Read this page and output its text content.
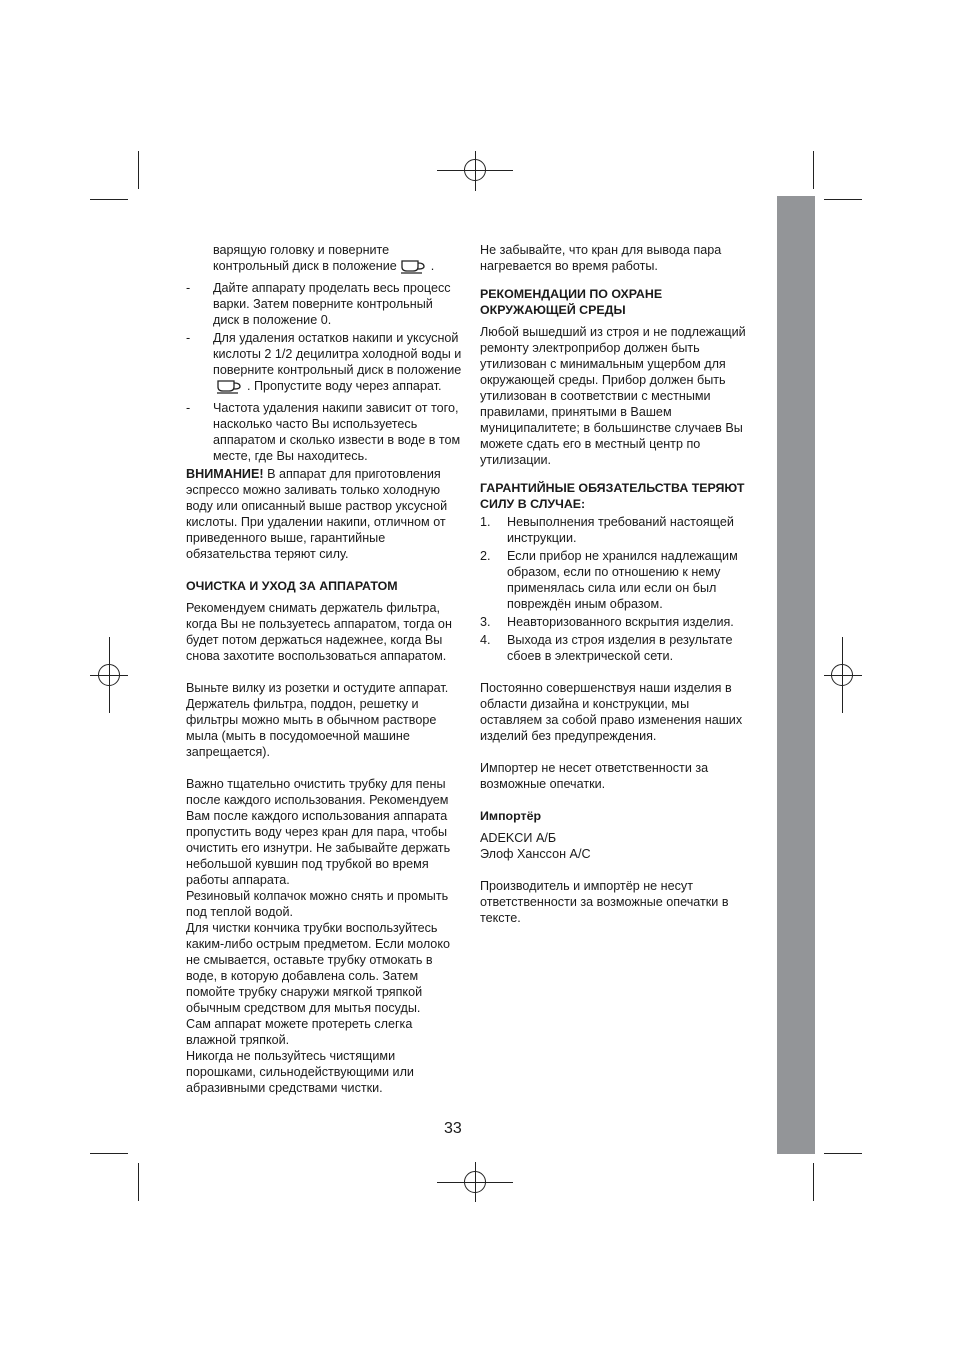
варящую головку и поверните

контрольный диск в положение	.

- Дайте аппарату проделать весь процесс варки. Затем поверните контрольный диск в положение 0.

- Для удаления остатков накипи и уксусной кислоты 2 1/2 децилитра холодной воды и поверните контрольный диск в положение. Пропустите воду через аппарат.

- Частота удаления накипи зависит от того, насколько часто Вы используетесь аппаратом и сколько извести в воде в том месте, где Вы находитесь.

ВНИМАНИЕ! В аппарат для приготовления эспрессо можно заливать только холодную воду или описанный выше раствор уксусной кислоты. При удалении накипи, отличном от приведенного выше, гарантийные обязательства теряют силу.

ОЧИСТКА И УХОД ЗА АППАРАТОМ

Рекомендуем снимать держатель фильтра, когда Вы не пользуетесь аппаратом, тогда он будет потом держаться надежнее, когда Вы снова захотите воспользоваться аппаратом.

Выньте вилку из розетки и остудите аппарат. Держатель фильтра, поддон, решетку и фильтры можно мыть в обычном растворе мыла (мыть в посудомоечной машине запрещается).

Важно тщательно очистить трубку для пены после каждого использования. Рекомендуем Вам после каждого использования аппарата пропустить воду через кран для пара, чтобы очистить его изнутри. Не забывайте держать небольшой кувшин под трубкой во время работы аппарата.

Резиновый колпачок можно снять и промыть под теплой водой.

Для чистки кончика трубки воспользуйтесь каким-либо острым предметом. Если молоко не смывается, оставьте трубку отмокать в воде, в которую добавлена соль. Затем помойте трубку снаружи мягкой тряпкой обычным средством для мытья посуды.

Сам аппарат можете протереть слегка влажной тряпкой.

Никогда не пользуйтесь чистящими порошками, сильнодействующими или абразивными средствами чистки.

Не забывайте, что кран для вывода пара нагревается во время работы.

РЕКОМЕНДАЦИИ ПО ОХРАНЕ ОКРУЖАЮЩЕЙ СРЕДЫ

Любой вышедший из строя и не подлежащий ремонту электроприбор должен быть утилизован с минимальным ущербом для окружающей среды. Прибор должен быть утилизован в соответствии с местными правилами, принятыми в Вашем муниципалитете; в большинстве случаев Вы можете сдать его в местный центр по утилизации.

ГАРАНТИЙНЫЕ ОБЯЗАТЕЛЬСТВА ТЕРЯЮТ СИЛУ В СЛУЧАЕ:
1. Невыполнения требований настоящей инструкции.

2. Если прибор не хранился надлежащим образом, если по отношению к нему применялась сила или если он был повреждён иным образом.

3. Неавторизованного вскрытия изделия.

4. Выхода из строя изделия в результате сбоев в электрической сети.

Постоянно совершенствуя наши изделия в области дизайна и конструкции, мы оставляем за собой право изменения наших изделий без предупреждения.

Импортер не несет ответственности за возможные опечатки.

Импортёр

ADEKCИ A/Б

Элоф Ханссон А/С

Производитель и импортёр не несут ответственности за возможные опечатки в тексте.

33
